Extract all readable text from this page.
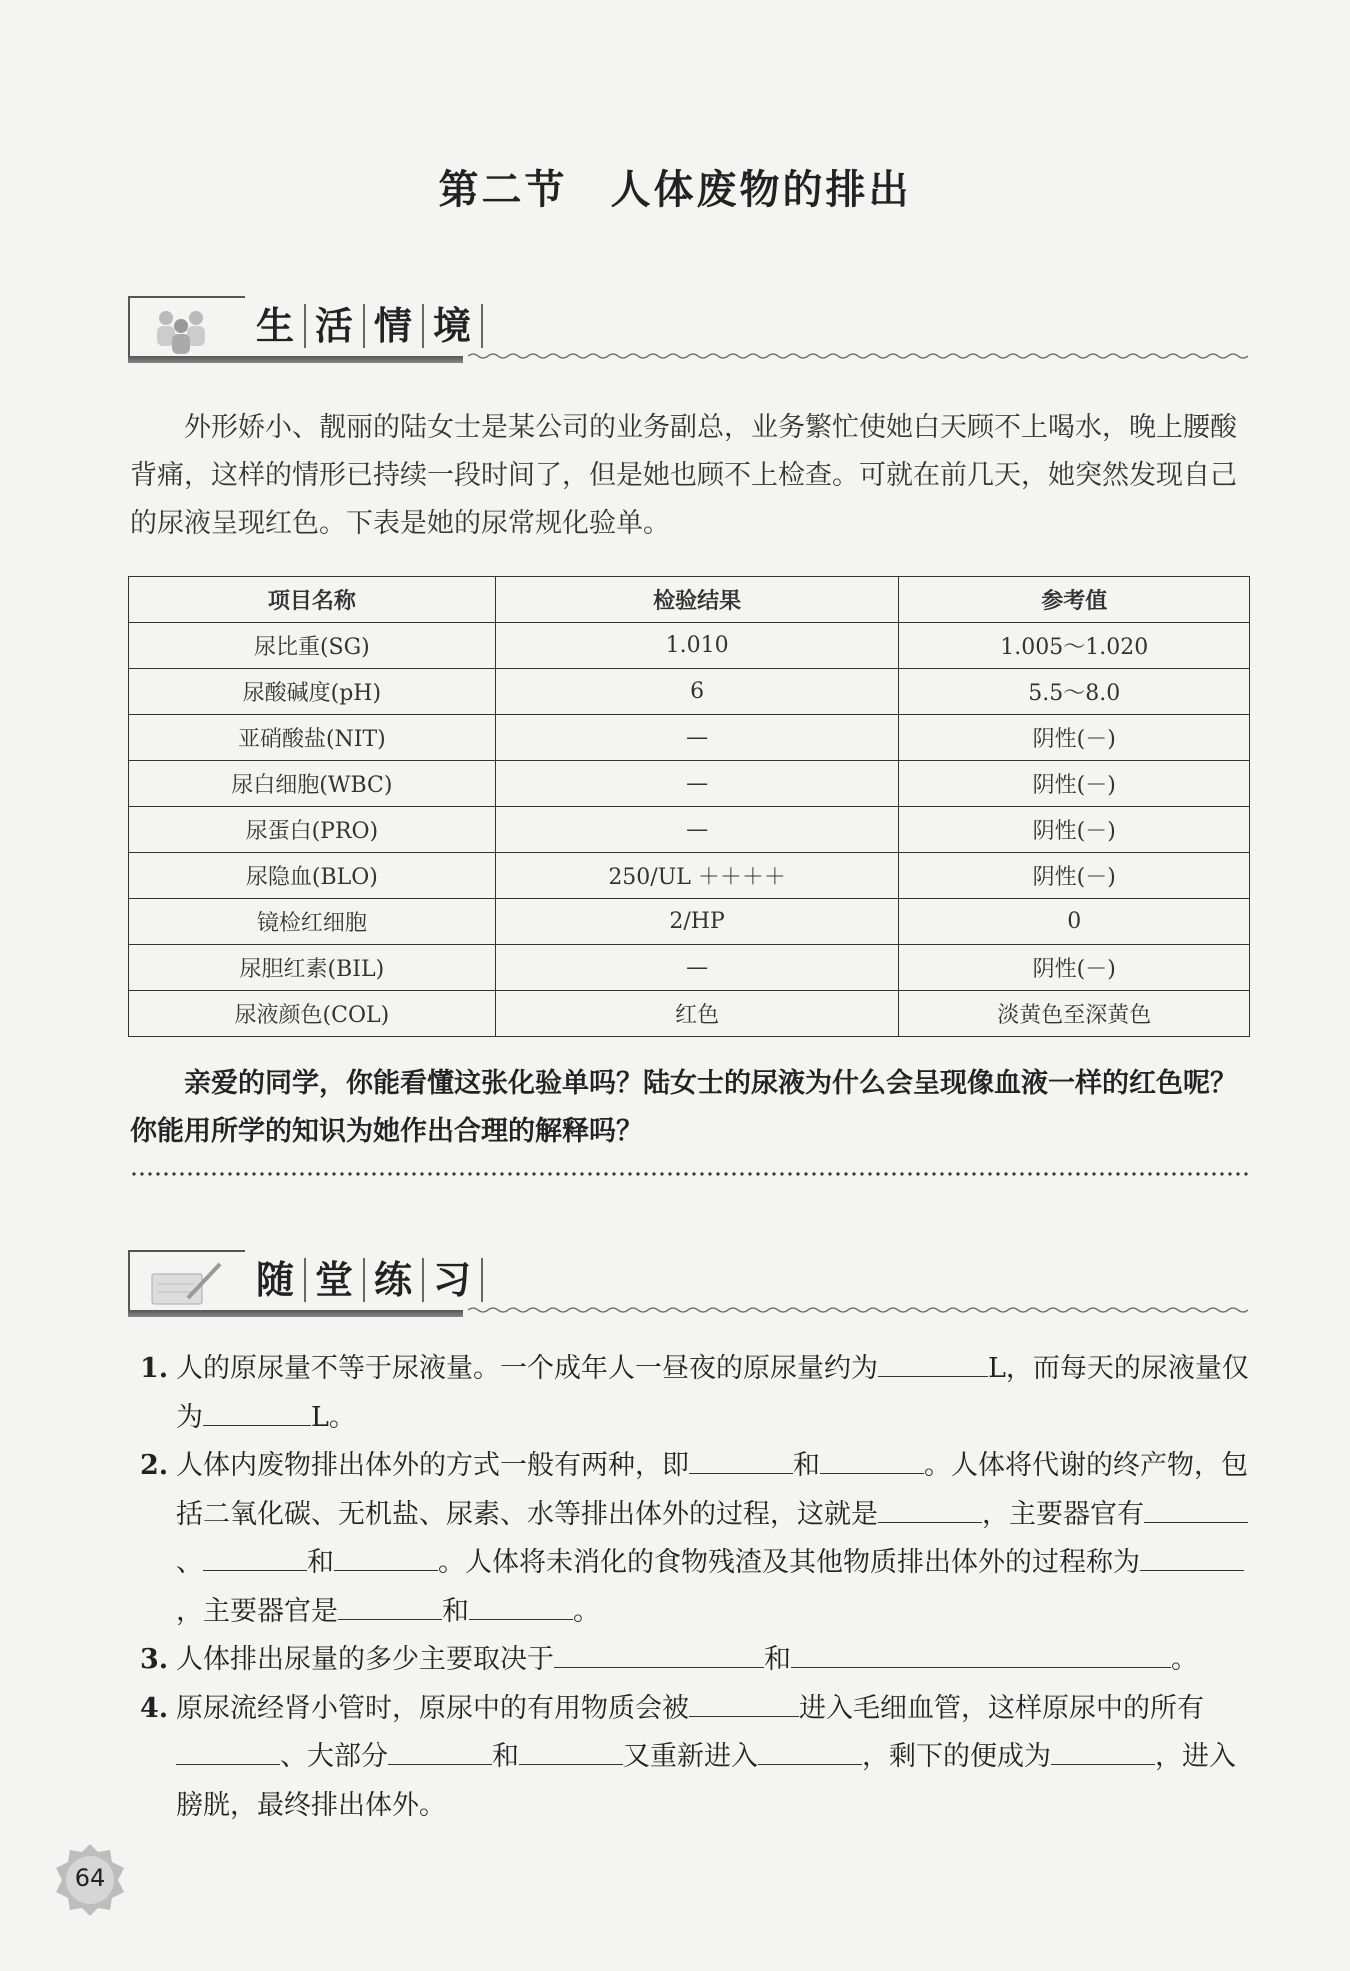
第二节　人体废物的排出
生 活 情 境
外形娇小、靓丽的陆女士是某公司的业务副总，业务繁忙使她白天顾不上喝水，晚上腰酸背痛，这样的情形已持续一段时间了，但是她也顾不上检查。可就在前几天，她突然发现自己的尿液呈现红色。下表是她的尿常规化验单。
项目名称	检验结果	参考值
尿比重(SG)	1.010	1.005～1.020
尿酸碱度(pH)	6	5.5～8.0
亚硝酸盐(NIT)	—	阴性(－)
尿白细胞(WBC)	—	阴性(－)
尿蛋白(PRO)	—	阴性(－)
尿隐血(BLO)	250/UL ＋＋＋＋	阴性(－)
镜检红细胞	2/HP	0
尿胆红素(BIL)	—	阴性(－)
尿液颜色(COL)	红色	淡黄色至深黄色
亲爱的同学，你能看懂这张化验单吗？陆女士的尿液为什么会呈现像血液一样的红色呢？你能用所学的知识为她作出合理的解释吗？
随 堂 练 习
1. 人的原尿量不等于尿液量。一个成年人一昼夜的原尿量约为	L，而每天的尿液量仅为	L。
2. 人体内废物排出体外的方式一般有两种，即	和	。人体将代谢的终产物，包括二氧化碳、无机盐、尿素、水等排出体外的过程，这就是	，主要器官有、	和	。人体将未消化的食物残渣及其他物质排出体外的过程称为，主要器官是	和	。
3. 人体排出尿量的多少主要取决于	和	。
4. 原尿流经肾小管时，原尿中的有用物质会被	进入毛细血管，这样原尿中的所有、大部分	和	又重新进入	，剩下的便成为	，进入膀胱，最终排出体外。
64
